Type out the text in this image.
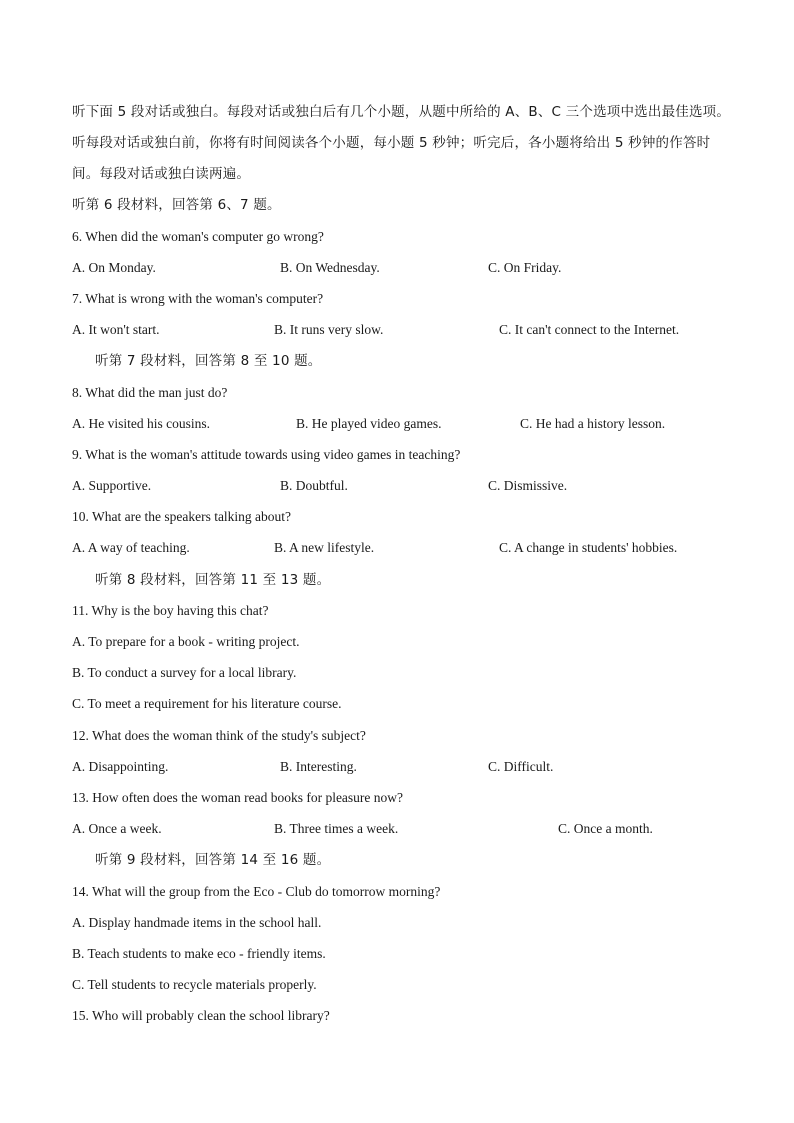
听下面 5 段对话或独白。每段对话或独白后有几个小题，从题中所给的 A、B、C 三个选项中选出最佳选项。
听每段对话或独白前，你将有时间阅读各个小题，每小题 5 秒钟；听完后，各小题将给出 5 秒钟的作答时
间。每段对话或独白读两遍。
听第 6 段材料，回答第 6、7 题。
6. When did the woman's computer go wrong?
A. On Monday.	B. On Wednesday.	C. On Friday.
7. What is wrong with the woman's computer?
A. It won't start.	B. It runs very slow.	C. It can't connect to the Internet.
听第 7 段材料，回答第 8 至 10 题。
8. What did the man just do?
A. He visited his cousins.	B. He played video games.	C. He had a history lesson.
9. What is the woman's attitude towards using video games in teaching?
A. Supportive.	B. Doubtful.	C. Dismissive.
10. What are the speakers talking about?
A. A way of teaching.	B. A new lifestyle.	C. A change in students' hobbies.
听第 8 段材料，回答第 11 至 13 题。
11. Why is the boy having this chat?
A. To prepare for a book - writing project.
B. To conduct a survey for a local library.
C. To meet a requirement for his literature course.
12. What does the woman think of the study's subject?
A. Disappointing.	B. Interesting.	C. Difficult.
13. How often does the woman read books for pleasure now?
A. Once a week.	B. Three times a week.	C. Once a month.
听第 9 段材料，回答第 14 至 16 题。
14. What will the group from the Eco - Club do tomorrow morning?
A. Display handmade items in the school hall.
B. Teach students to make eco - friendly items.
C. Tell students to recycle materials properly.
15. Who will probably clean the school library?
